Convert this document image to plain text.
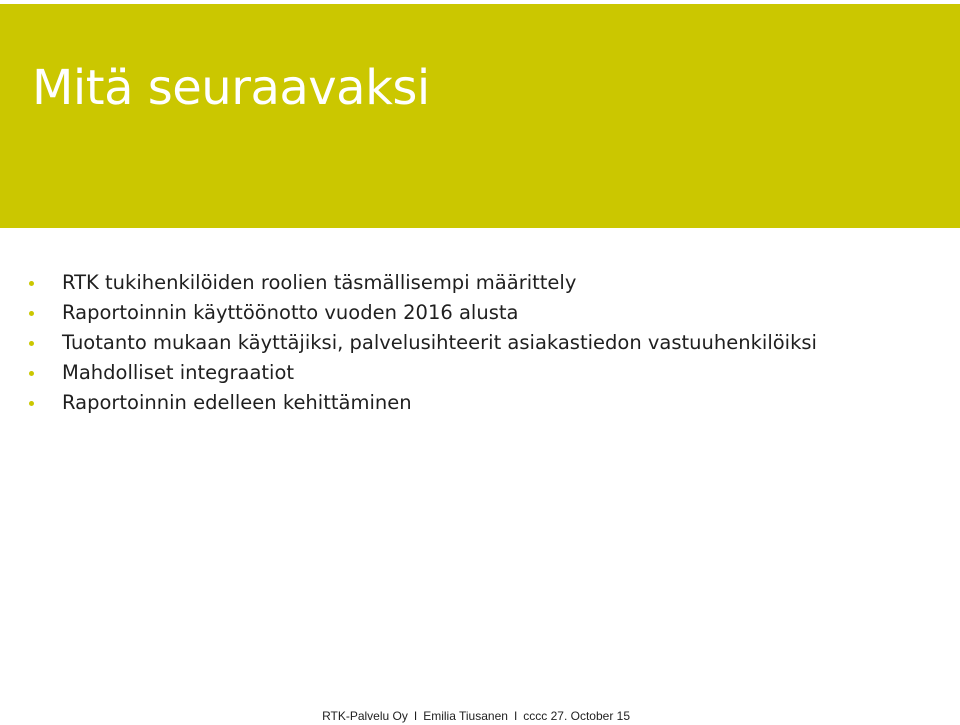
Mitä seuraavaksi
RTK tukihenkilöiden roolien täsmällisempi määrittely
Raportoinnin käyttöönotto vuoden 2016 alusta
Tuotanto mukaan käyttäjiksi, palvelusihteerit asiakastiedon vastuuhenkilöiksi
Mahdolliset integraatiot
Raportoinnin edelleen kehittäminen
RTK-Palvelu Oy I Emilia Tiusanen I cccc 27. October 15
